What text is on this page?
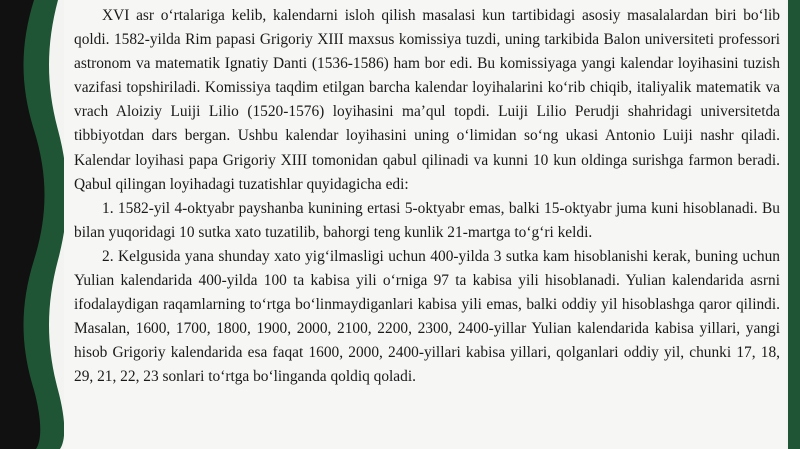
XVI asr o‘rtalariga kelib, kalendarni isloh qilish masalasi kun tartibidagi asosiy masalalardan biri bo‘lib qoldi. 1582-yilda Rim papasi Grigoriy XIII maxsus komissiya tuzdi, uning tarkibida Balon universiteti professori astronom va matematik Ignatiy Danti (1536-1586) ham bor edi. Bu komissiyaga yangi kalendar loyihasini tuzish vazifasi topshiriladi. Komissiya taqdim etilgan barcha kalendar loyihalarini ko‘rib chiqib, italiyalik matematik va vrach Aloiziy Luiji Lilio (1520-1576) loyihasini ma’qul topdi. Luiji Lilio Perudji shahridagi universitetda tibbiyotdan dars bergan. Ushbu kalendar loyihasini uning o‘limidan so‘ng ukasi Antonio Luiji nashr qiladi. Kalendar loyihasi papa Grigoriy XIII tomonidan qabul qilinadi va kunni 10 kun oldinga surishga farmon beradi. Qabul qilingan loyihadagi tuzatishlar quyidagicha edi:

1. 1582-yil 4-oktyabr payshanba kunining ertasi 5-oktyabr emas, balki 15-oktyabr juma kuni hisoblanadi. Bu bilan yuqoridagi 10 sutka xato tuzatilib, bahorgi teng kunlik 21-martga to‘g‘ri keldi.

2. Kelgusida yana shunday xato yig‘ilmasligi uchun 400-yilda 3 sutka kam hisoblanishi kerak, buning uchun Yulian kalendarida 400-yilda 100 ta kabisa yili o‘rniga 97 ta kabisa yili hisoblanadi. Yulian kalendarida asrni ifodalaydigan raqamlarning to‘rtga bo‘linmaydiganlari kabisa yili emas, balki oddiy yil hisoblashga qaror qilindi. Masalan, 1600, 1700, 1800, 1900, 2000, 2100, 2200, 2300, 2400-yillar Yulian kalendarida kabisa yillari, yangi hisob Grigoriy kalendarida esa faqat 1600, 2000, 2400-yillari kabisa yillari, qolganlari oddiy yil, chunki 17, 18, 29, 21, 22, 23 sonlari to‘rtga bo‘linganda qoldiq qoladi.
